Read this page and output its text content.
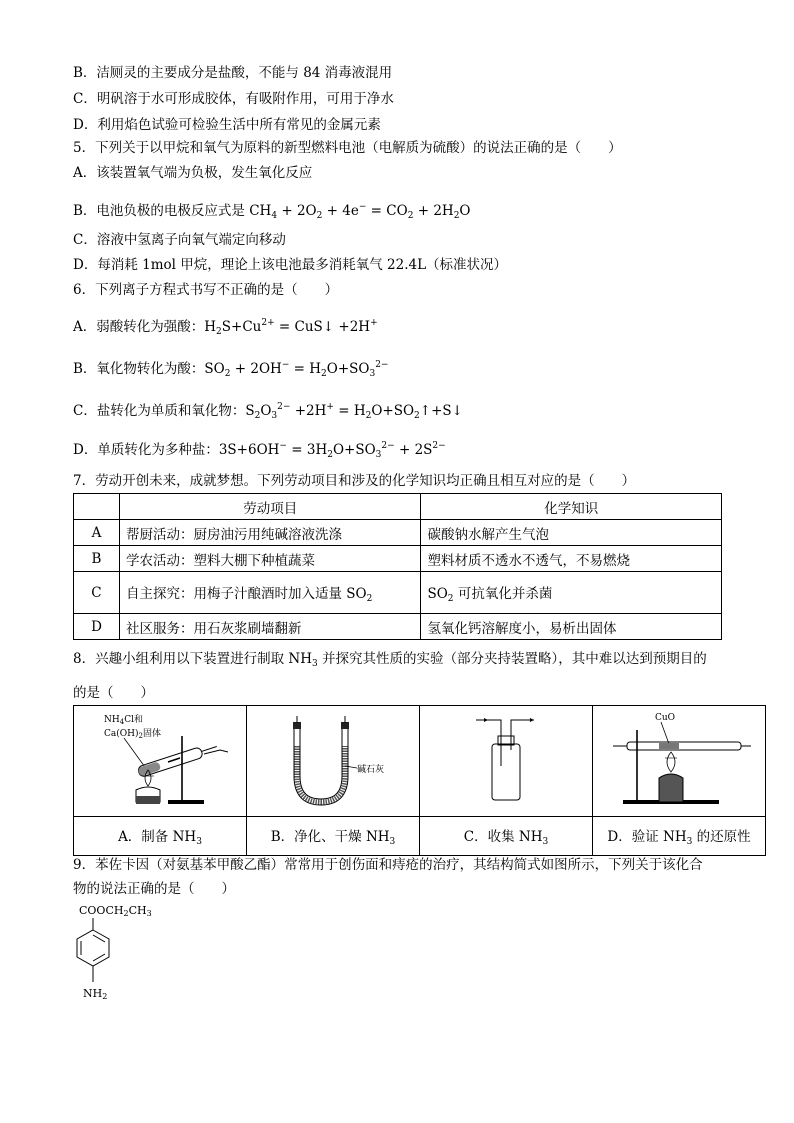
B．洁厕灵的主要成分是盐酸，不能与 84 消毒液混用
C．明矾溶于水可形成胶体，有吸附作用，可用于净水
D．利用焰色试验可检验生活中所有常见的金属元素
5．下列关于以甲烷和氧气为原料的新型燃料电池（电解质为硫酸）的说法正确的是（　　）
A．该装置氧气端为负极，发生氧化反应
B．电池负极的电极反应式是 $CH_4 + 2O_2 + 4e^- = CO_2 + 2H_2O$
C．溶液中氢离子向氧气端定向移动
D．每消耗 1mol 甲烷，理论上该电池最多消耗氧气 22.4L（标准状况）
6．下列离子方程式书写不正确的是（　　）
A．弱酸转化为强酸：$H_2S+Cu^{2+}$ = CuS↓ +2H+
B．氧化物转化为酸：$SO_2 + 2OH^- = H_2O+SO_3^{2-}$
C．盐转化为单质和氧化物：$S_2O_3^{2-} +2H^+$ = $H_2O+SO_2↑+S↓$
D．单质转化为多种盐：$3S+6OH^- = 3H_2O+SO_3^{2-} + 2S^{2-}$
7．劳动开创未来，成就梦想。下列劳动项目和涉及的化学知识均正确且相互对应的是（　　）
	劳动项目	化学知识
A	帮厨活动：厨房油污用纯碱溶液洗涤	碳酸钠水解产生气泡
B	学农活动：塑料大棚下种植蔬菜	塑料材质不透水不透气，不易燃烧
C	自主探究：用梅子汁酿酒时加入适量 $SO_2$	$SO_2$ 可抗氧化并杀菌
D	社区服务：用石灰浆刷墙翻新	氢氧化钙溶解度小，易析出固体
8．兴趣小组利用以下装置进行制取 $NH_3$ 并探究其性质的实验（部分夹持装置略），其中难以达到预期目的
的是（　　）
$NH_4Cl$和
$Ca(OH)_2$固体	碱石灰		CuO

A．制备 $NH_3$	B．净化、干燥 $NH_3$	C．收集 $NH_3$	D．验证 $NH_3$ 的还原性
9．苯佐卡因（对氨基苯甲酸乙酯）常常用于创伤面和痔疮的治疗，其结构简式如图所示，下列关于该化合
物的说法正确的是（　　）
COOCH2CH3
NH2
